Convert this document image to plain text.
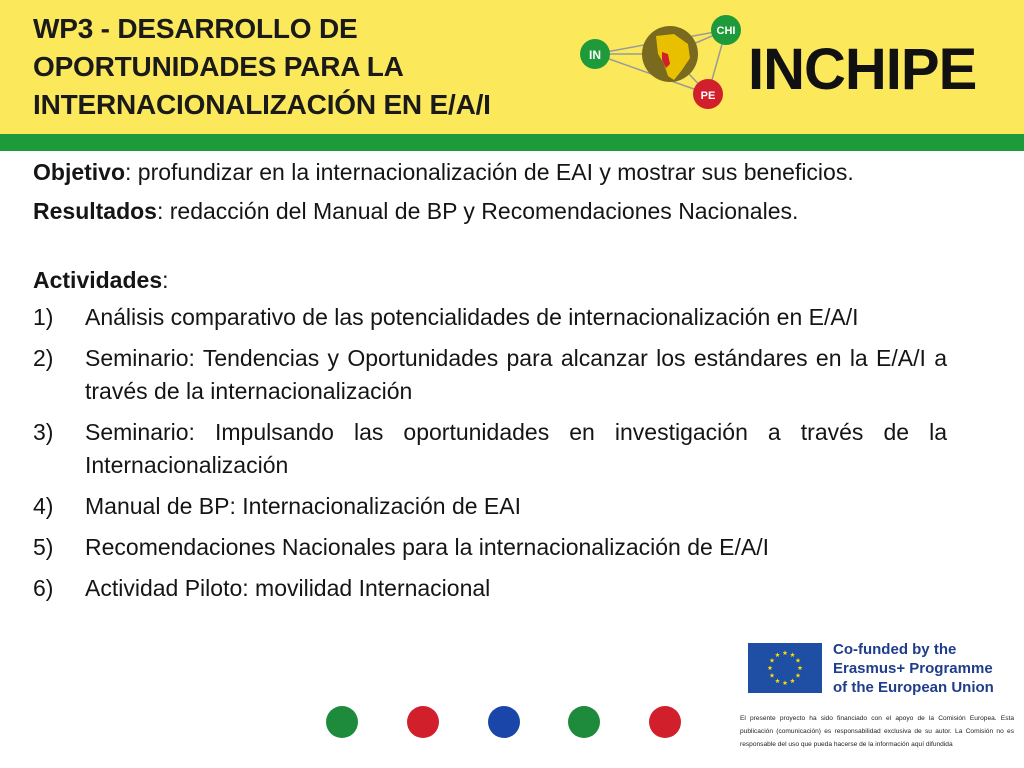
WP3 - DESARROLLO DE
OPORTUNIDADES PARA LA
INTERNACIONALIZACIÓN EN E/A/I
IN
CHI
PE INCHIPE

Objetivo: profundizar en la internacionalización de EAI y mostrar sus beneficios.

Resultados: redacción del Manual de BP y Recomendaciones Nacionales.

Actividades:

1)	Análisis comparativo de las potencialidades de internacionalización en E/A/I
2)	Seminario: Tendencias y Oportunidades para alcanzar los estándares en la E/A/I a través de la internacionalización
3)	Seminario: Impulsando las oportunidades en investigación a través de la Internacionalización
4)	Manual de BP: Internacionalización de EAI
5)	Recomendaciones Nacionales para la internacionalización de E/A/I
6)	Actividad Piloto: movilidad Internacional
Co-funded by the
Erasmus+ Programme
of the European Union

El presente proyecto ha sido financiado con el apoyo de la Comisión Europea. Esta publicación (comunicación) es responsabilidad exclusiva de su autor. La Comisión no es responsable del uso que pueda hacerse de la información aquí difundida
